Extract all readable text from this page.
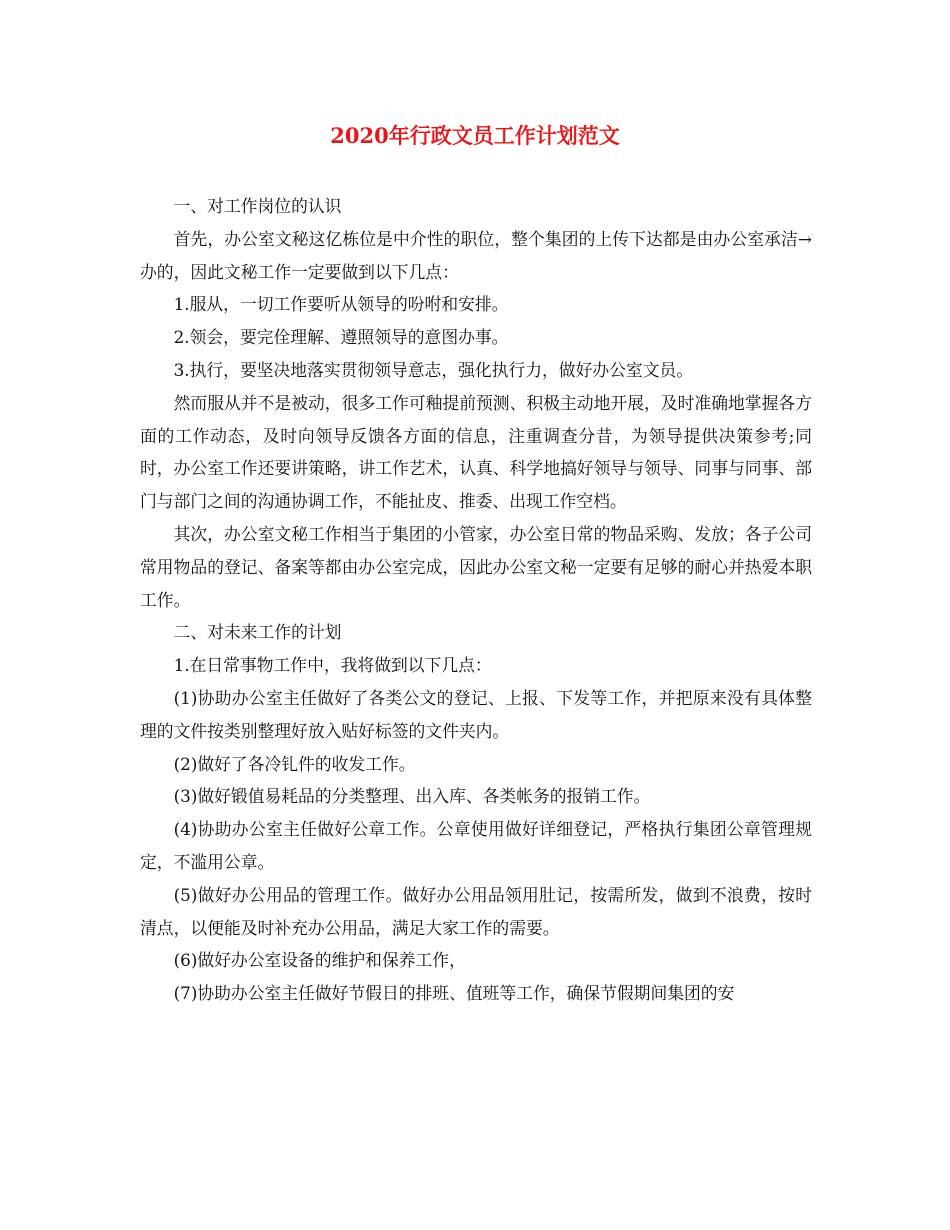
2020年行政文员工作计划范文

一、对工作岗位的认识

首先，办公室文秘这亿栋位是中介性的职位，整个集团的上传下达都是由办公室承洁→办的，因此文秘工作一定要做到以下几点：

1.服从，一切工作要听从领导的吩咐和安排。

2.领会，要完佺理解、遵照领导的意图办事。

3.执行，要坚决地落实贯彻领导意志，强化执行力，做好办公室文员。

然而服从并不是被动，很多工作可釉提前预测、积极主动地开展，及时准确地掌握各方面的工作动态，及时向领导反馈各方面的信息，注重调查分昔，为领导提供决策参考;同时，办公室工作还要讲策略，讲工作艺术，认真、科学地搞好领导与领导、同事与同事、部门与部门之间的沟通协调工作，不能扯皮、推委、出现工作空档。

其次，办公室文秘工作相当于集团的小管家，办公室日常的物品采购、发放；各子公司常用物品的登记、备案等都由办公室完成，因此办公室文秘一定要有足够的耐心并热爱本职工作。

二、对未来工作的计划

1.在日常事物工作中，我将做到以下几点：

(1)协助办公室主任做好了各类公文的登记、上报、下发等工作，并把原来没有具体整理的文件按类别整理好放入贴好标签的文件夹内。

(2)做好了各冷钆件的收发工作。

(3)做好锻值易耗品的分类整理、出入库、各类帐务的报销工作。

(4)协助办公室主任做好公章工作。公章使用做好详细登记，严格执行集团公章管理规定，不滥用公章。

(5)做好办公用品的管理工作。做好办公用品领用肚记，按需所发，做到不浪费，按时清点，以便能及时补充办公用品，满足大家工作的需要。

(6)做好办公室设备的维护和保养工作，

(7)协助办公室主任做好节假日的排班、值班等工作，确保节假期间集团的安
